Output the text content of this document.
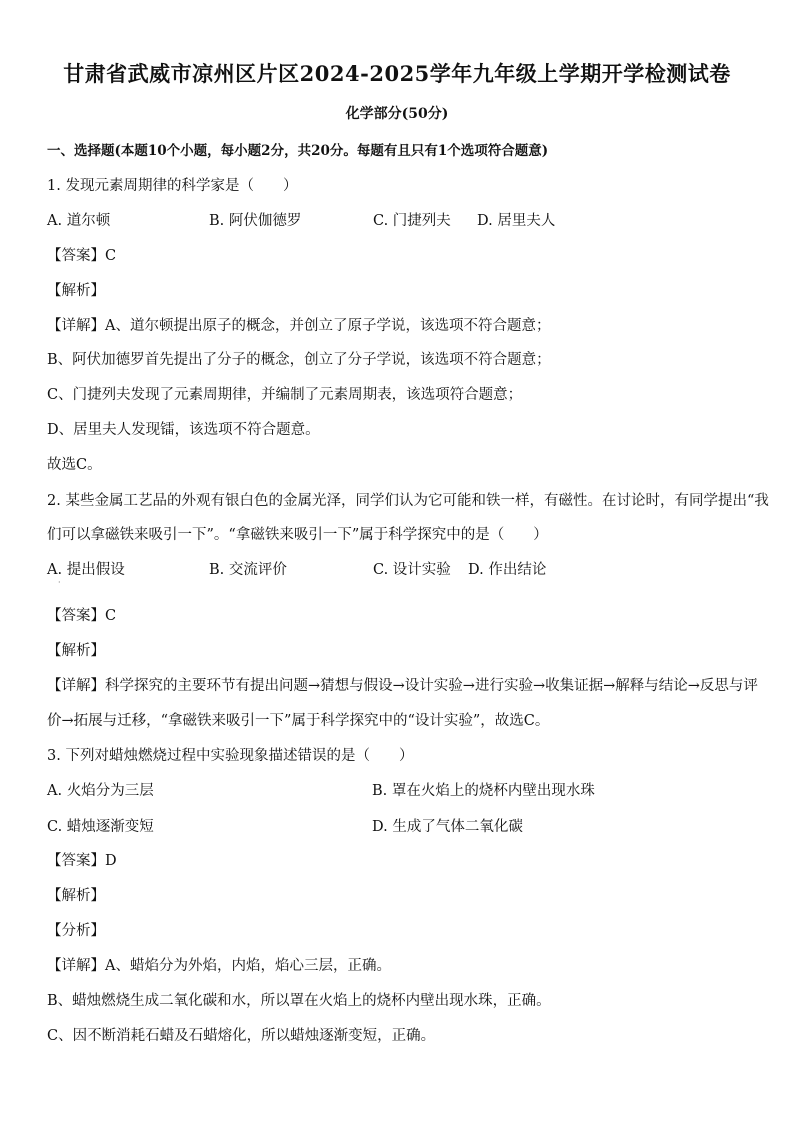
甘肃省武威市凉州区片区2024-2025学年九年级上学期开学检测试卷
化学部分(50分)
一、选择题(本题10个小题，每小题2分，共20分。每题有且只有1个选项符合题意)
1. 发现元素周期律的科学家是（　　）
A. 道尔顿	B. 阿伏伽德罗	C. 门捷列夫 D. 居里夫人
【答案】C
【解析】
【详解】A、道尔顿提出原子的概念，并创立了原子学说，该选项不符合题意；
B、阿伏加德罗首先提出了分子的概念，创立了分子学说，该选项不符合题意；
C、门捷列夫发现了元素周期律，并编制了元素周期表，该选项符合题意；
D、居里夫人发现镭，该选项不符合题意。
故选C。
2. 某些金属工艺品的外观有银白色的金属光泽，同学们认为它可能和铁一样，有磁性。在讨论时，有同学提出“我
们可以拿磁铁来吸引一下”。“拿磁铁来吸引一下”属于科学探究中的是（　　）
A. 提出假设	B. 交流评价	C. 设计实验 D. 作出结论
·
【答案】C
【解析】
【详解】科学探究的主要环节有提出问题→猜想与假设→设计实验→进行实验→收集证据→解释与结论→反思与评
价→拓展与迁移，“拿磁铁来吸引一下”属于科学探究中的“设计实验”，故选C。
3. 下列对蜡烛燃烧过程中实验现象描述错误的是（　　）
A. 火焰分为三层	B. 罩在火焰上的烧杯内壁出现水珠
C. 蜡烛逐渐变短	D. 生成了气体二氧化碳
【答案】D
【解析】
【分析】
【详解】A、蜡焰分为外焰，内焰，焰心三层，正确。
B、蜡烛燃烧生成二氧化碳和水，所以罩在火焰上的烧杯内壁出现水珠，正确。
C、因不断消耗石蜡及石蜡熔化，所以蜡烛逐渐变短，正确。
